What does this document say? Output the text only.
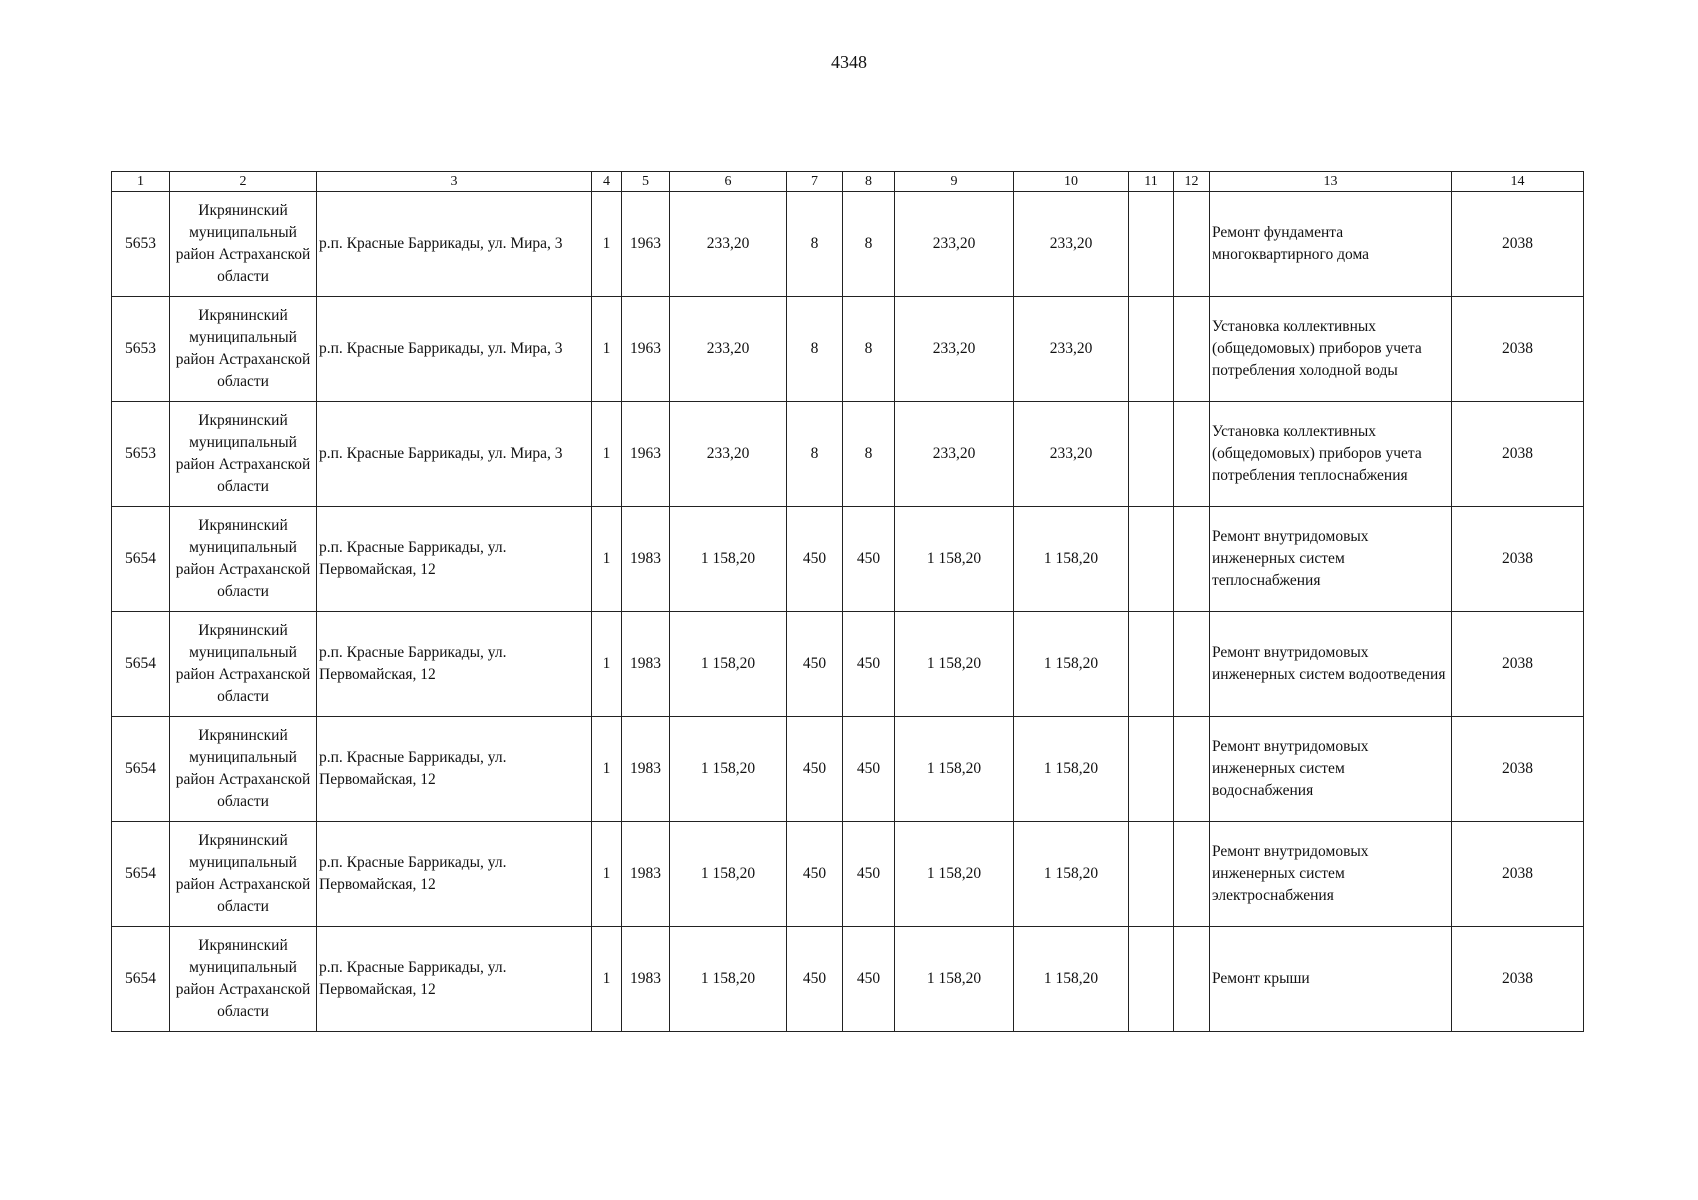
4348
1	2	3	4	5	6	7	8	9	10	11	12	13	14
5653	Икрянинский муниципальный район Астраханской области	р.п. Красные Баррикады, ул. Мира, 3	1	1963	233,20	8	8	233,20	233,20			Ремонт фундамента многоквартирного дома	2038
5653	Икрянинский муниципальный район Астраханской области	р.п. Красные Баррикады, ул. Мира, 3	1	1963	233,20	8	8	233,20	233,20			Установка коллективных (общедомовых) приборов учета потребления холодной воды	2038
5653	Икрянинский муниципальный район Астраханской области	р.п. Красные Баррикады, ул. Мира, 3	1	1963	233,20	8	8	233,20	233,20			Установка коллективных (общедомовых) приборов учета потребления теплоснабжения	2038
5654	Икрянинский муниципальный район Астраханской области	р.п. Красные Баррикады, ул. Первомайская, 12	1	1983	1 158,20	450	450	1 158,20	1 158,20			Ремонт внутридомовых инженерных систем теплоснабжения	2038
5654	Икрянинский муниципальный район Астраханской области	р.п. Красные Баррикады, ул. Первомайская, 12	1	1983	1 158,20	450	450	1 158,20	1 158,20			Ремонт внутридомовых инженерных систем водоотведения	2038
5654	Икрянинский муниципальный район Астраханской области	р.п. Красные Баррикады, ул. Первомайская, 12	1	1983	1 158,20	450	450	1 158,20	1 158,20			Ремонт внутридомовых инженерных систем водоснабжения	2038
5654	Икрянинский муниципальный район Астраханской области	р.п. Красные Баррикады, ул. Первомайская, 12	1	1983	1 158,20	450	450	1 158,20	1 158,20			Ремонт внутридомовых инженерных систем электроснабжения	2038
5654	Икрянинский муниципальный район Астраханской области	р.п. Красные Баррикады, ул. Первомайская, 12	1	1983	1 158,20	450	450	1 158,20	1 158,20			Ремонт крыши	2038
